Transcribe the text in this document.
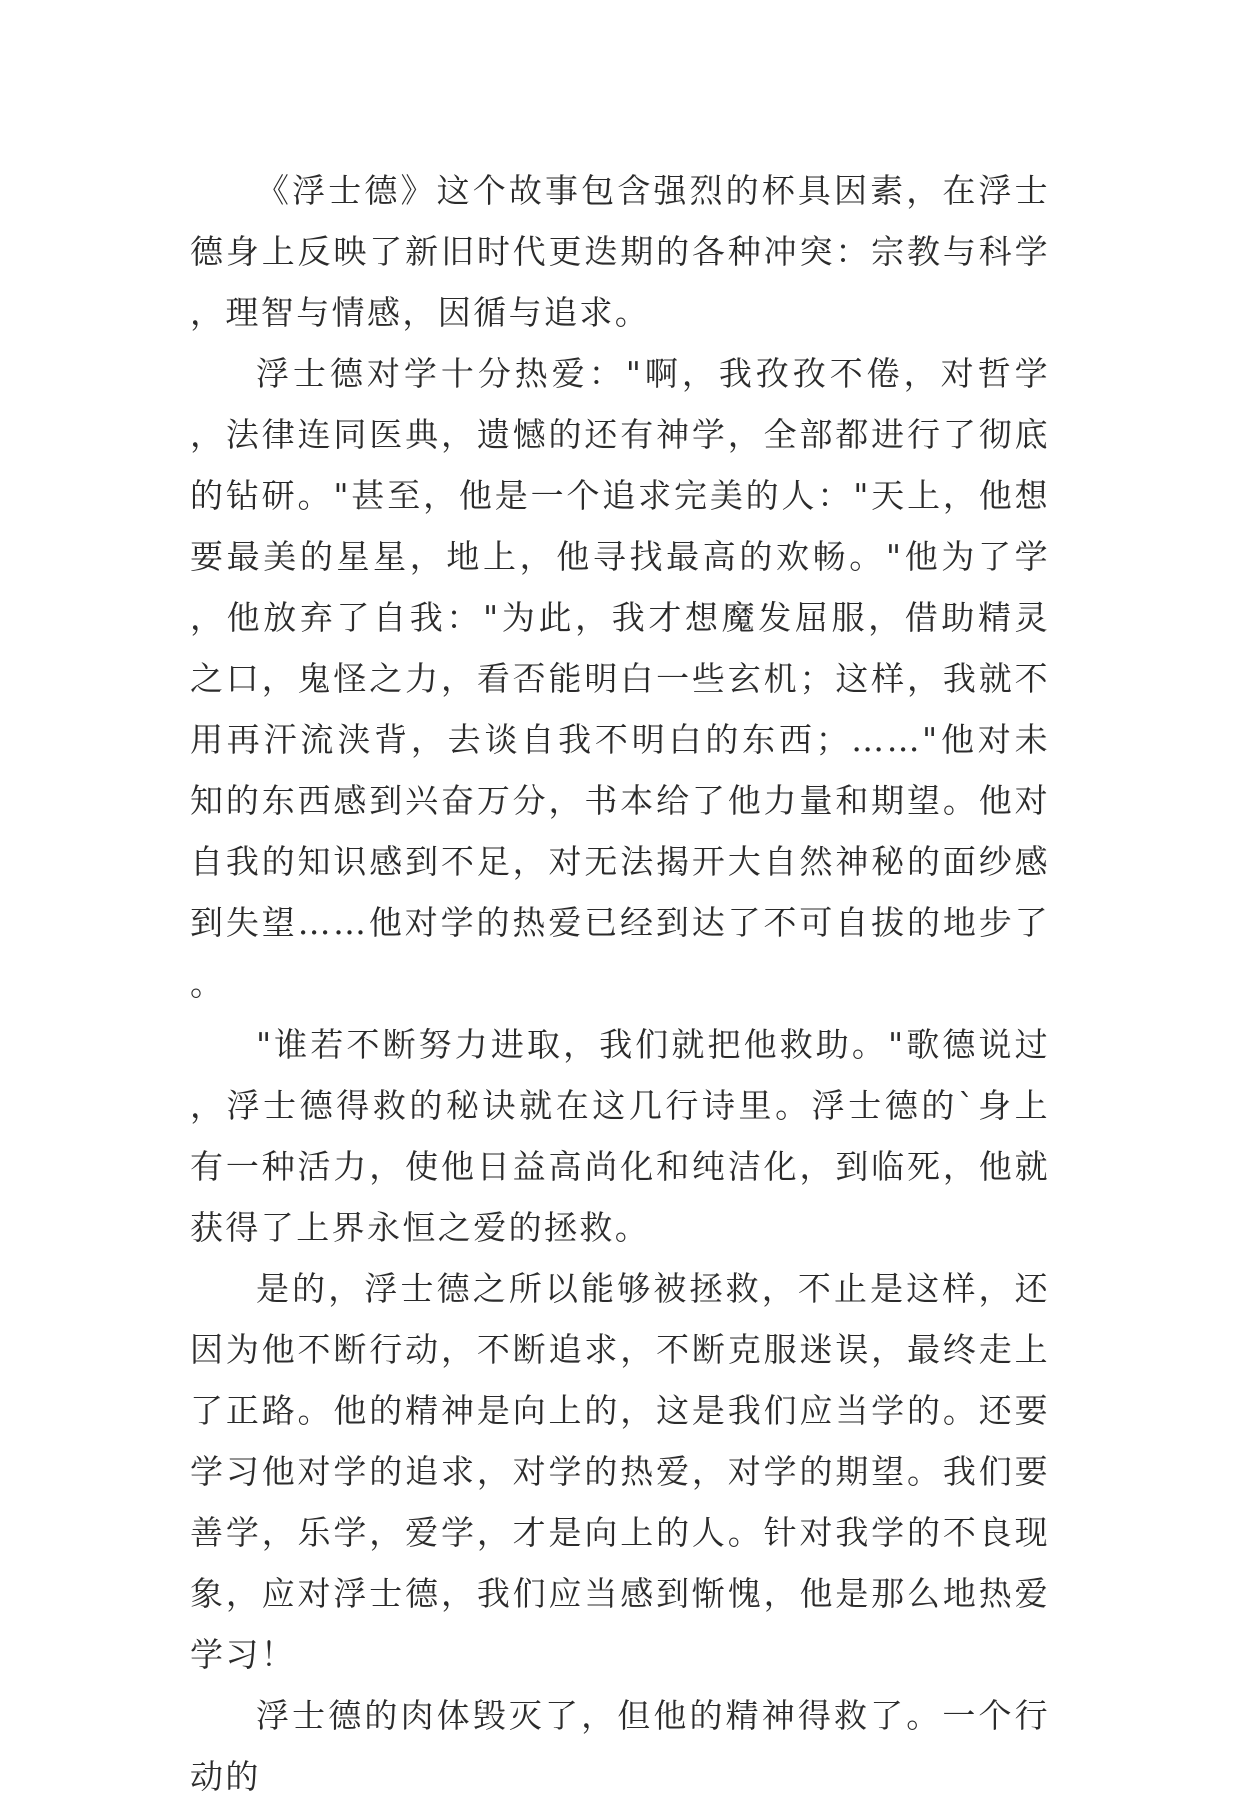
《浮士德》这个故事包含强烈的杯具因素，在浮士德身上反映了新旧时代更迭期的各种冲突：宗教与科学，理智与情感，因循与追求。

浮士德对学十分热爱："啊，我孜孜不倦，对哲学，法律连同医典，遗憾的还有神学，全部都进行了彻底的钻研。"甚至，他是一个追求完美的人："天上，他想要最美的星星，地上，他寻找最高的欢畅。"他为了学，他放弃了自我："为此，我才想魔发屈服，借助精灵之口，鬼怪之力，看否能明白一些玄机；这样，我就不用再汗流浃背，去谈自我不明白的东西；……"他对未知的东西感到兴奋万分，书本给了他力量和期望。他对自我的知识感到不足，对无法揭开大自然神秘的面纱感到失望……他对学的热爱已经到达了不可自拔的地步了。

"谁若不断努力进取，我们就把他救助。"歌德说过，浮士德得救的秘诀就在这几行诗里。浮士德的`身上有一种活力，使他日益高尚化和纯洁化，到临死，他就获得了上界永恒之爱的拯救。

是的，浮士德之所以能够被拯救，不止是这样，还因为他不断行动，不断追求，不断克服迷误，最终走上了正路。他的精神是向上的，这是我们应当学的。还要学习他对学的追求，对学的热爱，对学的期望。我们要善学，乐学，爱学，才是向上的人。针对我学的不良现象，应对浮士德，我们应当感到惭愧，他是那么地热爱学习！

浮士德的肉体毁灭了，但他的精神得救了。一个行动的
